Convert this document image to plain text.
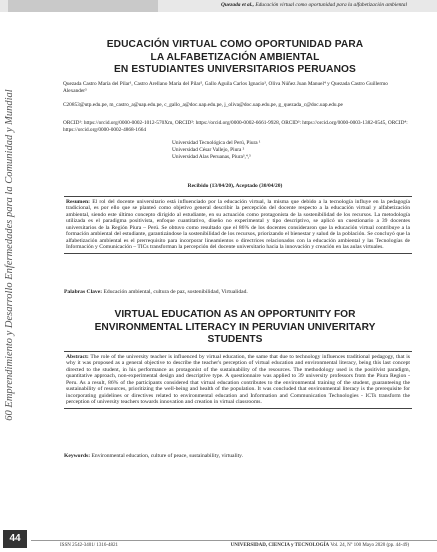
Quezada et al., Educación virtual como oportunidad para la alfabetización ambiental
60 Emprendimiento y Desarrollo Enfermedades para la Comunidad y Mundial
EDUCACIÓN VIRTUAL COMO OPORTUNIDAD PARA
LA ALFABETIZACIÓN AMBIENTAL
EN ESTUDIANTES UNIVERSITARIOS PERUANOS
Quezada Castro María del Pilar¹, Castro Arellano María del Pilar², Gallo Aguila Carlos Ignacio³, Oliva Núñez Juan Manuel⁴ y Quezada Castro Guillermo Alexander⁵
C20853@utp.edu.pe, m_castro_a@uap.edu.pe, c_gallo_a@doc.uap.edu.pe, j_oliva@doc.uap.edu.pe, g_quezada_c@doc.uap.edu.pe
ORCID¹: https://orcid.org/0000-0002-1012-570Xm, ORCID²: https://orcid.org/0000-0002-6661-9928, ORCID³: https://orcid.org/0000-0003-1382-0545, ORCID⁴: https://orcid.org/0000-0002-4868-1664
Universidad Tecnológica del Perú, Piura ¹
Universidad César Vallejo, Piura ²
Universidad Alas Peruanas, Piura³,⁴,⁵
Recibido (13/04/20), Aceptado (30/04/20)
Resumen: El rol del docente universitario está influenciado por la educación virtual, la misma que debido a la tecnología influye en la pedagogía tradicional, es por ello que se planteó como objetivo general describir la percepción del docente respecto a la educación virtual y alfabetización ambiental, siendo este último concepto dirigido al estudiante, en su actuación como protagonista de la sostenibilidad de los recursos. La metodología utilizada es el paradigma positivista, enfoque cuantitativo, diseño no experimental y tipo descriptivo, se aplicó un cuestionario a 39 docentes universitarios de la Región Piura – Perú. Se obtuvo como resultado que el 86% de los docentes consideraron que la educación virtual contribuye a la formación ambiental del estudiante, garantizándose la sostenibilidad de los recursos, priorizando el bienestar y salud de la población. Se concluyó que la alfabetización ambiental es el prerrequisito para incorporar lineamientos o directrices relacionados con la educación ambiental y las Tecnologías de Información y Comunicación – TICs transforman la percepción del docente universitario hacia la innovación y creación en las aulas virtuales.
Palabras Clave: Educación ambiental, cultura de paz, sostenibilidad, Virtualidad.
VIRTUAL EDUCATION AS AN OPPORTUNITY FOR
ENVIRONMENTAL LITERACY IN PERUVIAN UNIVERITARY
STUDENTS
Abstract: The role of the university teacher is influenced by virtual education, the same that due to technology influences traditional pedagogy, that is why it was proposed as a general objective to describe the teacher's perception of virtual education and environmental literacy, being this last concept directed to the student, in his performance as protagonist of the sustainability of the resources. The methodology used is the positivist paradigm, quantitative approach, non-experimental design and descriptive type. A questionnaire was applied to 39 university professors from the Piura Region - Peru. As a result, 86% of the participants considered that virtual education contributes to the environmental training of the student, guaranteeing the sustainability of resources, prioritizing the well-being and health of the population. It was concluded that environmental literacy is the prerequisite for incorporating guidelines or directives related to environmental education and Information and Communication Technologies - ICTs transform the perception of university teachers towards innovation and creation in virtual classrooms.
Keywords: Environmental education, culture of peace, sustainability, virtuality.
44
ISSN 2542-3401/ 1316-4821	UNIVERSIDAD, CIENCIA y TECNOLOGÍA Vol. 24, Nº 100 Mayo 2020 (pp. 44-49)
